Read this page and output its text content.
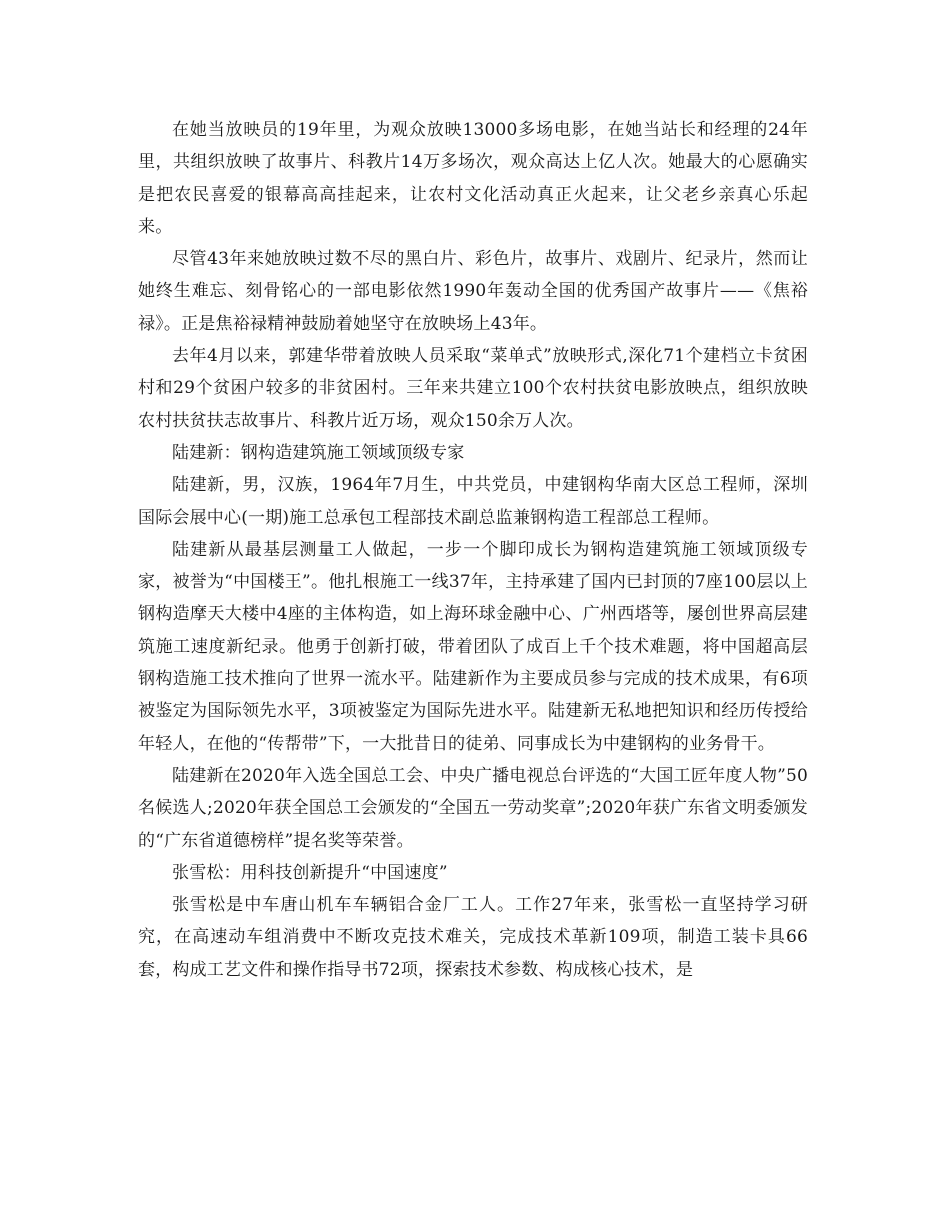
在她当放映员的19年里，为观众放映13000多场电影，在她当站长和经理的24年里，共组织放映了故事片、科教片14万多场次，观众高达上亿人次。她最大的心愿确实是把农民喜爱的银幕高高挂起来，让农村文化活动真正火起来，让父老乡亲真心乐起来。

尽管43年来她放映过数不尽的黑白片、彩色片，故事片、戏剧片、纪录片，然而让她终生难忘、刻骨铭心的一部电影依然1990年轰动全国的优秀国产故事片——《焦裕禄》。正是焦裕禄精神鼓励着她坚守在放映场上43年。

去年4月以来，郭建华带着放映人员采取“菜单式”放映形式,深化71个建档立卡贫困村和29个贫困户较多的非贫困村。三年来共建立100个农村扶贫电影放映点，组织放映农村扶贫扶志故事片、科教片近万场，观众150余万人次。

陆建新：钢构造建筑施工领域顶级专家

陆建新，男，汉族，1964年7月生，中共党员，中建钢构华南大区总工程师，深圳国际会展中心(一期)施工总承包工程部技术副总监兼钢构造工程部总工程师。

陆建新从最基层测量工人做起，一步一个脚印成长为钢构造建筑施工领域顶级专家，被誉为“中国楼王”。他扎根施工一线37年，主持承建了国内已封顶的7座100层以上钢构造摩天大楼中4座的主体构造，如上海环球金融中心、广州西塔等，屡创世界高层建筑施工速度新纪录。他勇于创新打破，带着团队了成百上千个技术难题，将中国超高层钢构造施工技术推向了世界一流水平。陆建新作为主要成员参与完成的技术成果，有6项被鉴定为国际领先水平，3项被鉴定为国际先进水平。陆建新无私地把知识和经历传授给年轻人，在他的“传帮带”下，一大批昔日的徒弟、同事成长为中建钢构的业务骨干。

陆建新在2020年入选全国总工会、中央广播电视总台评选的“大国工匠年度人物”50名候选人;2020年获全国总工会颁发的“全国五一劳动奖章”;2020年获广东省文明委颁发的“广东省道德榜样”提名奖等荣誉。

张雪松：用科技创新提升“中国速度”

张雪松是中车唐山机车车辆铝合金厂工人。工作27年来，张雪松一直坚持学习研究，在高速动车组消费中不断攻克技术难关，完成技术革新109项，制造工装卡具66套，构成工艺文件和操作指导书72项，探索技术参数、构成核心技术，是
